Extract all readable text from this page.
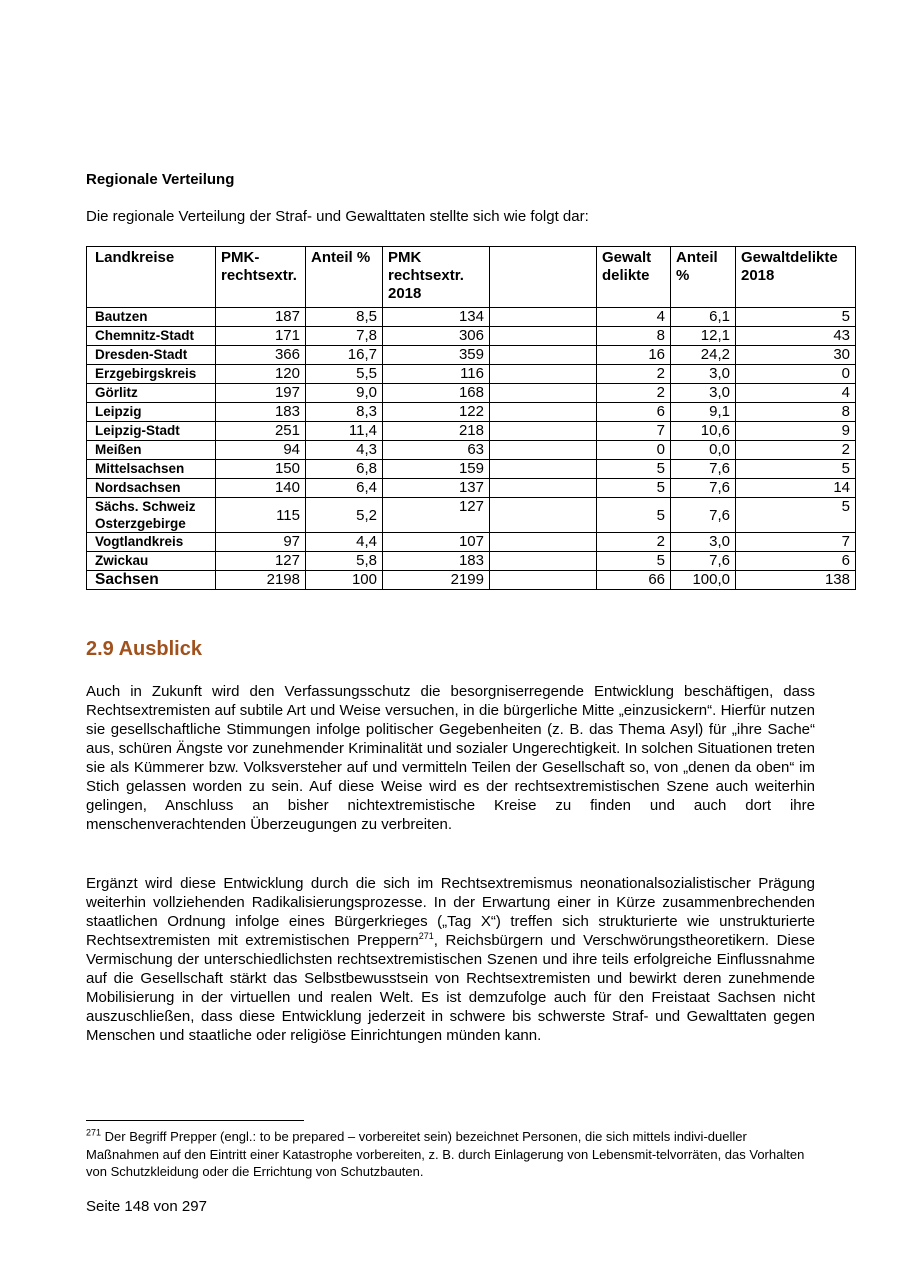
Regionale Verteilung
Die regionale Verteilung der Straf- und Gewalttaten stellte sich wie folgt dar:
Landkreise	PMK-rechtsextr.	Anteil %	PMK rechtsextr. 2018		Gewalt delikte	Anteil %	Gewaltdelikte 2018
Bautzen	187	8,5	134		4	6,1	5
Chemnitz-Stadt	171	7,8	306		8	12,1	43
Dresden-Stadt	366	16,7	359		16	24,2	30
Erzgebirgskreis	120	5,5	116		2	3,0	0
Görlitz	197	9,0	168		2	3,0	4
Leipzig	183	8,3	122		6	9,1	8
Leipzig-Stadt	251	11,4	218		7	10,6	9
Meißen	94	4,3	63		0	0,0	2
Mittelsachsen	150	6,8	159		5	7,6	5
Nordsachsen	140	6,4	137		5	7,6	14
Sächs. Schweiz Osterzgebirge	115	5,2	127		5	7,6	5
Vogtlandkreis	97	4,4	107		2	3,0	7
Zwickau	127	5,8	183		5	7,6	6
Sachsen	2198	100	2199		66	100,0	138
2.9 Ausblick

Auch in Zukunft wird den Verfassungsschutz die besorgniserregende Entwicklung beschäftigen, dass Rechtsextremisten auf subtile Art und Weise versuchen, in die bürgerliche Mitte „einzusickern“. Hierfür nutzen sie gesellschaftliche Stimmungen infolge politischer Gegebenheiten (z. B. das Thema Asyl) für „ihre Sache“ aus, schüren Ängste vor zunehmender Kriminalität und sozialer Ungerechtigkeit. In solchen Situationen treten sie als Kümmerer bzw. Volksversteher auf und vermitteln Teilen der Gesellschaft so, von „denen da oben“ im Stich gelassen worden zu sein. Auf diese Weise wird es der rechtsextremistischen Szene auch weiterhin gelingen, Anschluss an bisher nichtextremistische Kreise zu finden und auch dort ihre menschenverachtenden Überzeugungen zu verbreiten.

Ergänzt wird diese Entwicklung durch die sich im Rechtsextremismus neonationalsozialistischer Prägung weiterhin vollziehenden Radikalisierungsprozesse. In der Erwartung einer in Kürze zusammenbrechenden staatlichen Ordnung infolge eines Bürgerkrieges („Tag X“) treffen sich strukturierte wie unstrukturierte Rechtsextremisten mit extremistischen Preppern$^{271}$, Reichsbürgern und Verschwörungstheoretikern. Diese Vermischung der unterschiedlichsten rechtsextremistischen Szenen und ihre teils erfolgreiche Einflussnahme auf die Gesellschaft stärkt das Selbstbewusstsein von Rechtsextremisten und bewirkt deren zunehmende Mobilisierung in der virtuellen und realen Welt. Es ist demzufolge auch für den Freistaat Sachsen nicht auszuschließen, dass diese Entwicklung jederzeit in schwere bis schwerste Straf- und Gewalttaten gegen Menschen und staatliche oder religiöse Einrichtungen münden kann.

$^{271}$ Der Begriff Prepper (engl.: to be prepared – vorbereitet sein) bezeichnet Personen, die sich mittels indivi-dueller Maßnahmen auf den Eintritt einer Katastrophe vorbereiten, z. B. durch Einlagerung von Lebensmit-telvorräten, das Vorhalten von Schutzkleidung oder die Errichtung von Schutzbauten.

Seite 148 von 297
